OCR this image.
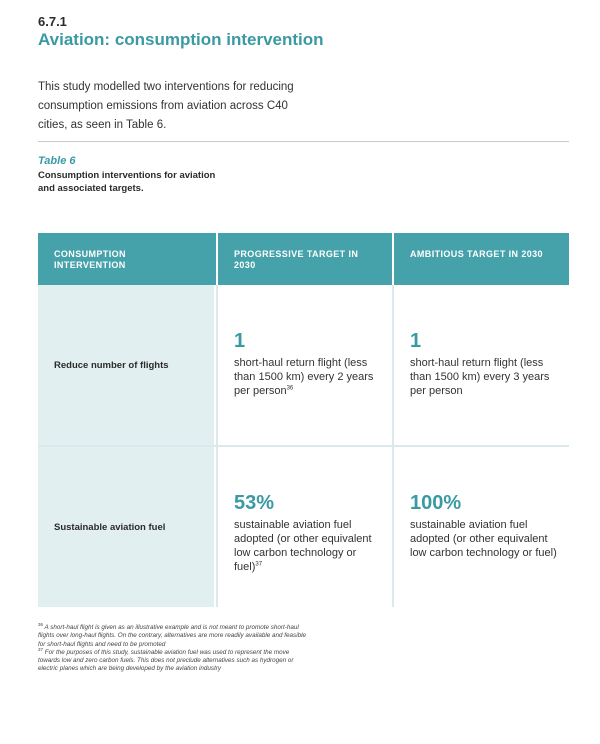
6.7.1
Aviation: consumption intervention

This study modelled two interventions for reducing consumption emissions from aviation across C40 cities, as seen in Table 6.

Table 6

Consumption interventions for aviation and associated targets.

CONSUMPTION INTERVENTION
PROGRESSIVE TARGET IN 2030
AMBITIOUS TARGET IN 2030
Reduce number of flights

1

short-haul return flight (less than 1500 km) every 2 years per person$^{36}$

1

short-haul return flight (less than 1500 km) every 3 years per person

Sustainable aviation fuel

53%

sustainable aviation fuel adopted (or other equivalent low carbon technology or fuel)$^{37}$

100%

sustainable aviation fuel adopted (or other equivalent low carbon technology or fuel)

$^{36}$ A short-haul flight is given as an illustrative example and is not meant to promote short-haul flights over long-haul flights. On the contrary, alternatives are more readily available and feasible for short-haul flights and need to be promoted

$^{37}$ For the purposes of this study, sustainable aviation fuel was used to represent the move towards low and zero carbon fuels. This does not preclude alternatives such as hydrogen or electric planes which are being developed by the aviation industry
